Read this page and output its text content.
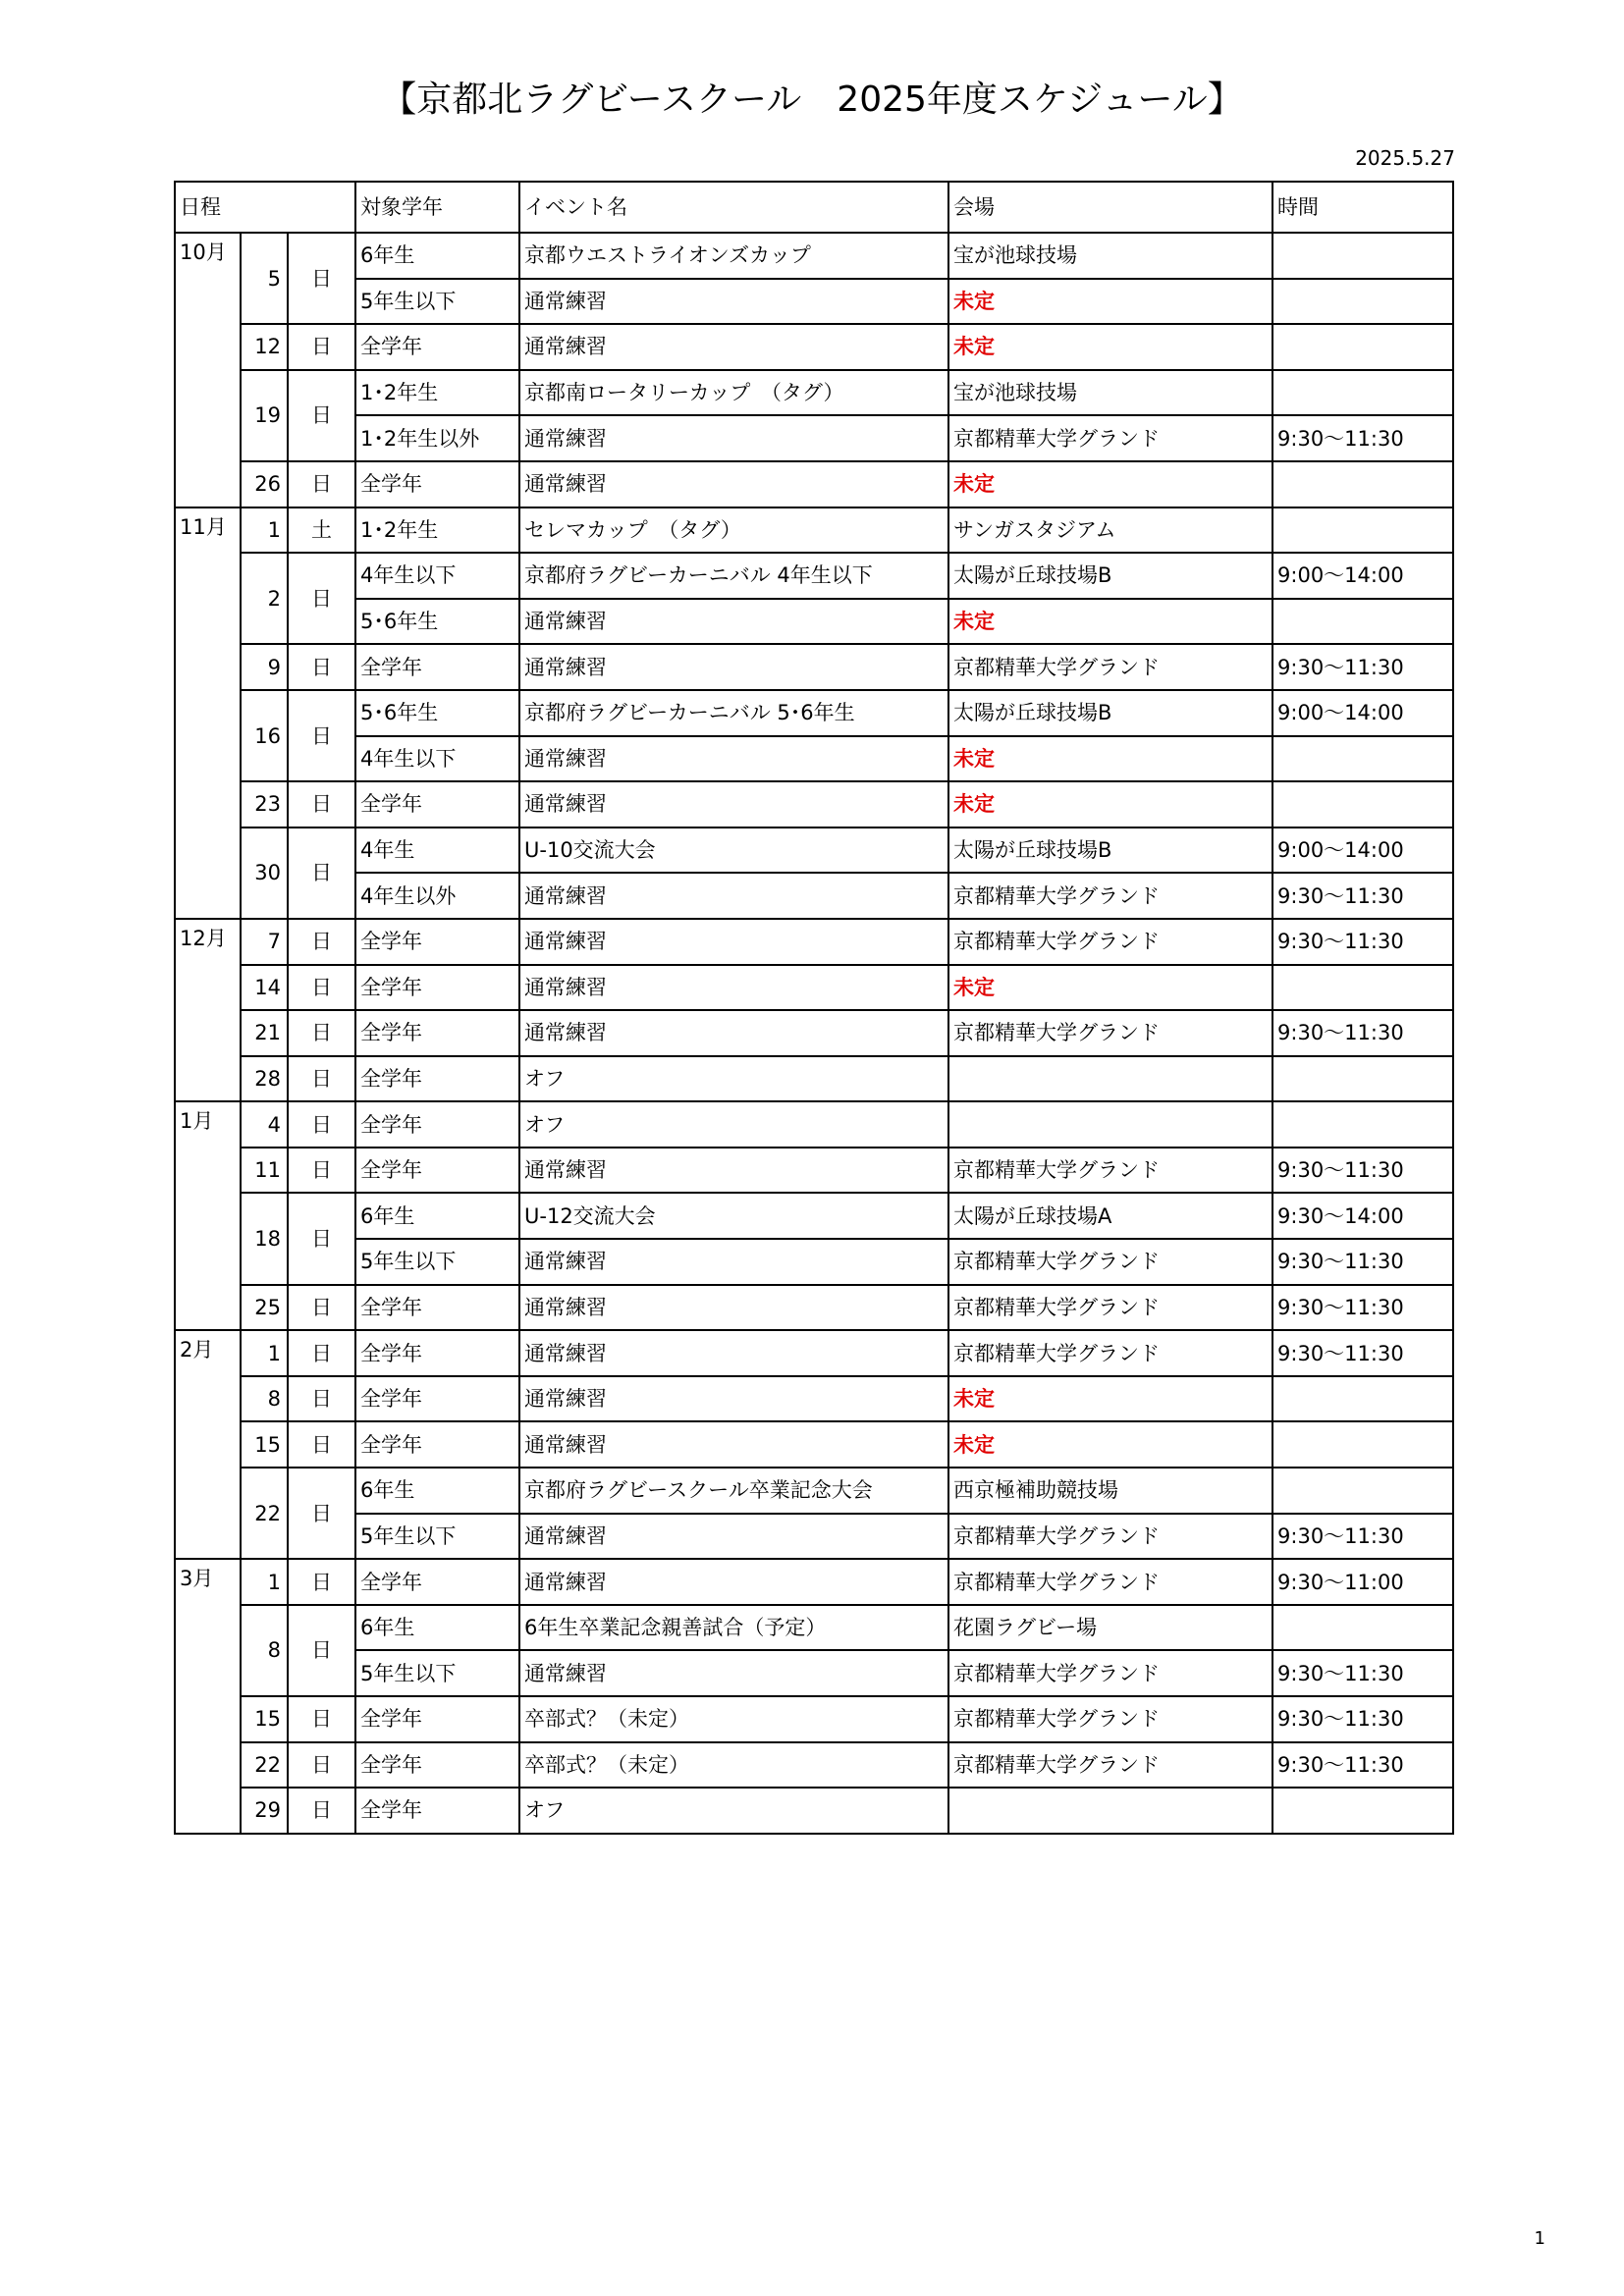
【京都北ラグビースクール　2025年度スケジュール】
2025.5.27
日程			対象学年	イベント名	会場	時間
10月	5	日	6年生	京都ウエストライオンズカップ	宝が池球技場	
			5年生以下	通常練習	未定	
	12	日	全学年	通常練習	未定	
	19	日	1･2年生	京都南ロータリーカップ　（タグ）	宝が池球技場	
			1･2年生以外	通常練習	京都精華大学グランド	9:30～11:30
	26	日	全学年	通常練習	未定	
11月	1	土	1･2年生	セレマカップ　（タグ）	サンガスタジアム	
	2	日	4年生以下	京都府ラグビーカーニバル 4年生以下	太陽が丘球技場B	9:00～14:00
			5･6年生	通常練習	未定	
	9	日	全学年	通常練習	京都精華大学グランド	9:30～11:30
	16	日	5･6年生	京都府ラグビーカーニバル 5･6年生	太陽が丘球技場B	9:00～14:00
			4年生以下	通常練習	未定	
	23	日	全学年	通常練習	未定	
	30	日	4年生	U-10交流大会	太陽が丘球技場B	9:00～14:00
			4年生以外	通常練習	京都精華大学グランド	9:30～11:30
12月	7	日	全学年	通常練習	京都精華大学グランド	9:30～11:30
	14	日	全学年	通常練習	未定	
	21	日	全学年	通常練習	京都精華大学グランド	9:30～11:30
	28	日	全学年	オフ		
1月	4	日	全学年	オフ		
	11	日	全学年	通常練習	京都精華大学グランド	9:30～11:30
	18	日	6年生	U-12交流大会	太陽が丘球技場A	9:30～14:00
			5年生以下	通常練習	京都精華大学グランド	9:30～11:30
	25	日	全学年	通常練習	京都精華大学グランド	9:30～11:30
2月	1	日	全学年	通常練習	京都精華大学グランド	9:30～11:30
	8	日	全学年	通常練習	未定	
	15	日	全学年	通常練習	未定	
	22	日	6年生	京都府ラグビースクール卒業記念大会	西京極補助競技場	
			5年生以下	通常練習	京都精華大学グランド	9:30～11:30
3月	1	日	全学年	通常練習	京都精華大学グランド	9:30～11:00
	8	日	6年生	6年生卒業記念親善試合（予定）	花園ラグビー場	
			5年生以下	通常練習	京都精華大学グランド	9:30～11:30
	15	日	全学年	卒部式？（未定）	京都精華大学グランド	9:30～11:30
	22	日	全学年	卒部式？（未定）	京都精華大学グランド	9:30～11:30
	29	日	全学年	オフ		
1
